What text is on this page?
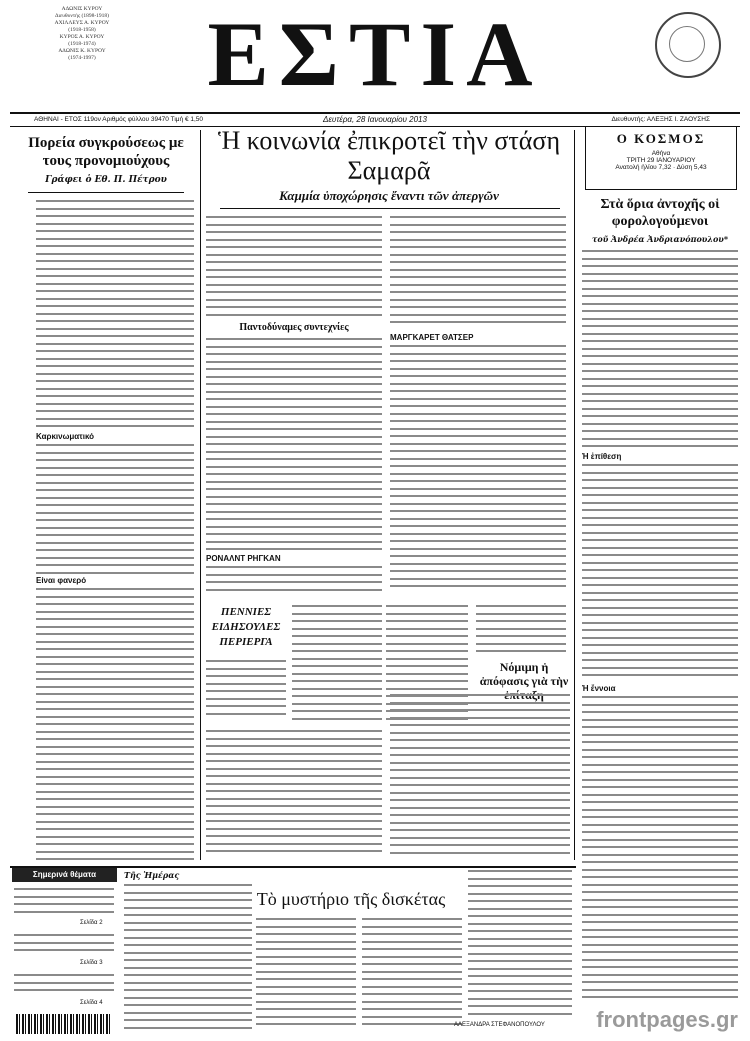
ΑΔΩΝΙΣ ΚΥΡΟΥ
Διευθυντής (1898-1918)
ΑΧΙΛΛΕΥΣ Α. ΚΥΡΟΥ
(1918-1958)
ΚΥΡΟΣ Α. ΚΥΡΟΥ
(1918-1974)
ΑΔΩΝΙΣ Κ. ΚΥΡΟΥ
(1974-1997)	ΕΣΤΙΑ
ΑΘΗΝΑΙ - ΕΤΟΣ 119ον Αριθμός φύλλου 39470 Τιμή € 1,50	Δευτέρα, 28 Ιανουαρίου 2013	Διευθυντής: ΑΛΕΞΗΣ Ι. ΖΑΟΥΣΗΣ
Πορεία συγκρούσεως με τους προνομιούχους
Γράφει ὁ Εθ. Π. Πέτρου
Καρκινωματικό
Είναι φανερό
Ἡ κοινωνία ἐπικροτεῖ τὴν στάση Σαμαρᾶ
Καμμία ὑποχώρησις ἔναντι τῶν ἀπεργῶν
Παντοδύναμες συντεχνίες
ΡΟΝΑΛΝΤ ΡΗΓΚΑΝ
ΜΑΡΓΚΑΡΕΤ ΘΑΤΣΕΡ
Ο ΚΟΣΜΟΣ
Αθήνα
ΤΡΙΤΗ 29 ΙΑΝΟΥΑΡΙΟΥ
Ανατολή ἡλίου 7,32 · Δύση 5,43
Στὰ ὅρια ἀντοχῆς οἱ φορολογούμενοι
τοῦ Ἀνδρέα Ἀνδριανόπουλου*
Ἡ ἐπίθεση
Ἡ ἔννοια
ΠΕΝΝΙΕΣ ΕΙΔΗΣΟΥΛΕΣ ΠΕΡΙΕΡΓΑ
Νόμιμη ἡ ἀπόφασις γιὰ τὴν
Σημερινά θέματα
Σελίδα 2
Σελίδα 3
Σελίδα 4
Τῆς Ἡμέρας
Τὸ μυστήριο τῆς δισκέτας
ΑΛΕΞΑΝΔΡΑ ΣΤΕΦΑΝΟΠΟΥΛΟΥ frontpages.gr
